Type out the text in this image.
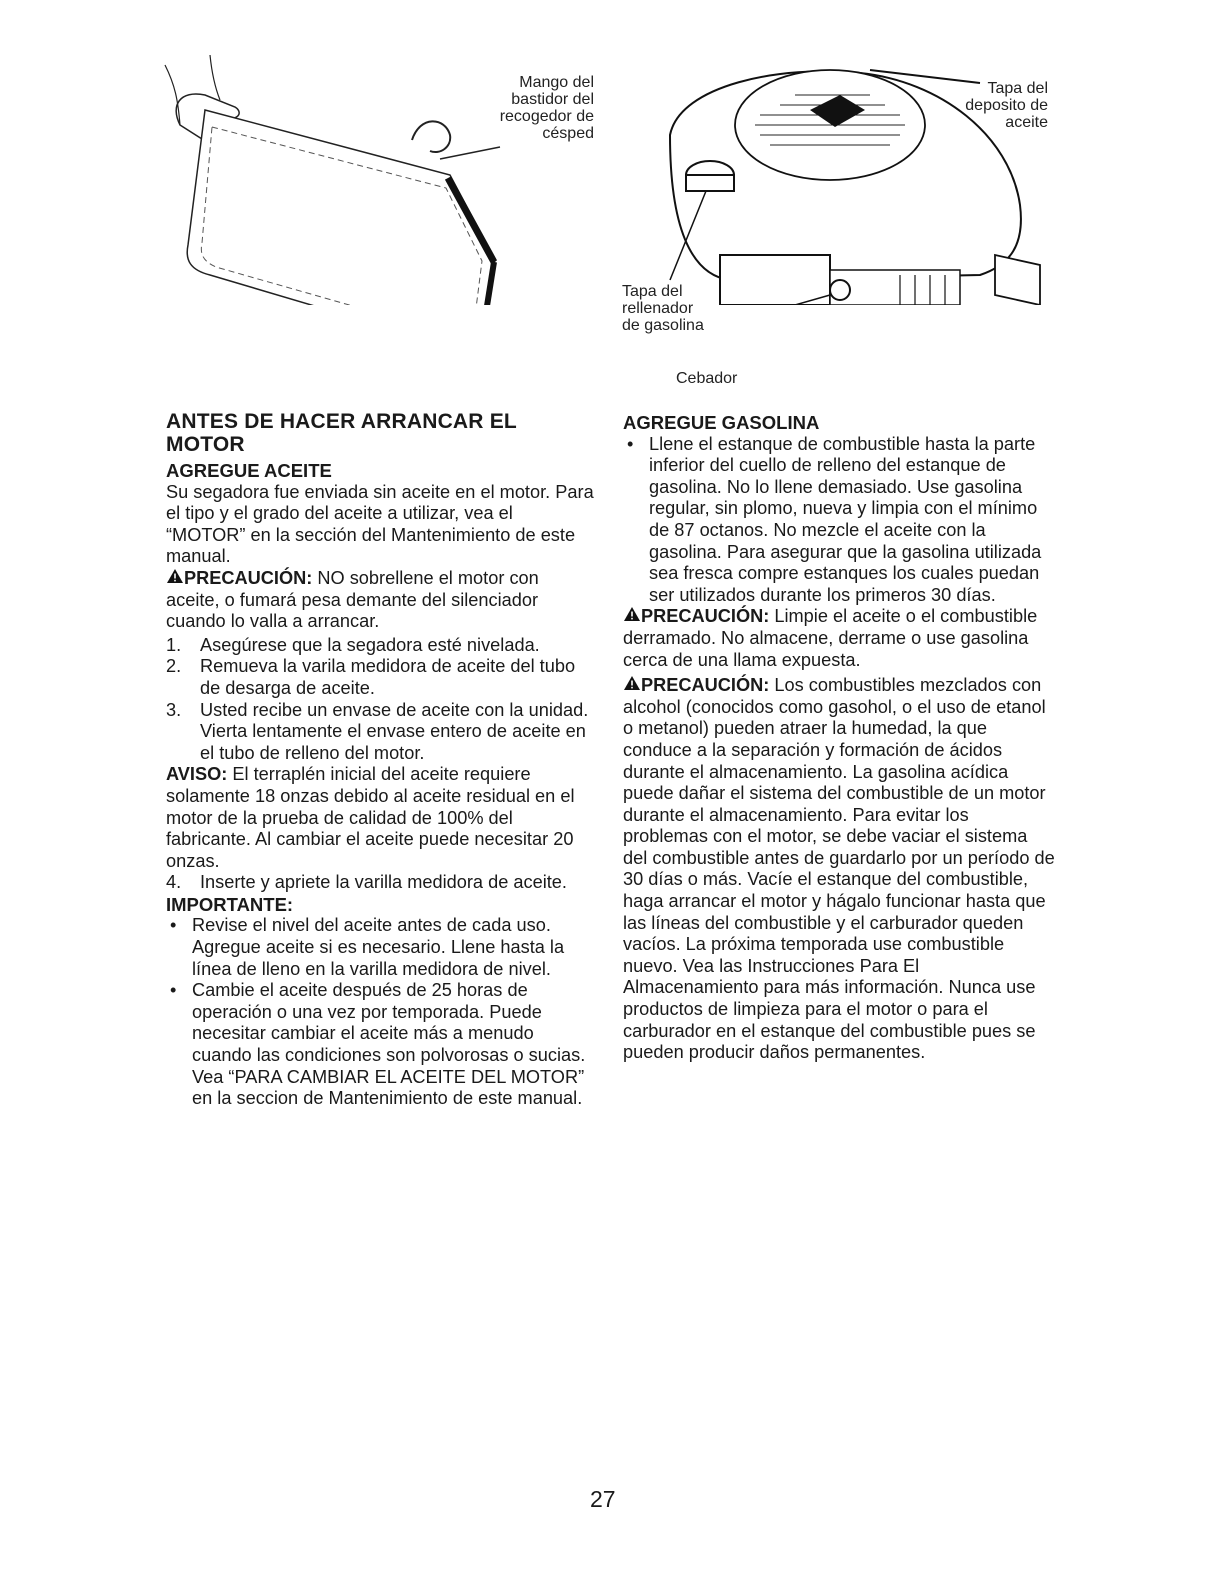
Mango del bastidor del recogedor de césped
Tapa del deposito de aceite
Tapa del rellenador de gasolina
Cebador
ANTES DE HACER ARRANCAR EL MOTOR
AGREGUE ACEITE

Su segadora fue enviada sin aceite en el motor. Para el tipo y el grado del aceite a utilizar, vea el “MOTOR” en la sección del Mantenimiento de este manual.

PRECAUCIÓN: NO sobrellene el motor con aceite, o fumará pesa demante del silenciador cuando lo valla a arrancar.

1. Asegúrese que la segadora esté nivelada.
2. Remueva la varila medidora de aceite del tubo de desarga de aceite.
3. Usted recibe un envase de aceite con la unidad. Vierta lentamente el envase entero de aceite en el tubo de relleno del motor.

AVISO: El terraplén inicial del aceite requiere solamente 18 onzas debido al aceite residual en el motor de la prueba de calidad de 100% del fabricante. Al cambiar el aceite puede necesitar 20 onzas.

4. Inserte y apriete la varilla medidora de aceite.
IMPORTANTE:
• Revise el nivel del aceite antes de cada uso. Agregue aceite si es necesario. Llene hasta la línea de lleno en la varilla medidora de nivel.
• Cambie el aceite después de 25 horas de operación o una vez por temporada. Puede necesitar cambiar el aceite más a menudo cuando las condiciones son polvorosas o sucias. Vea “PARA CAMBIAR EL ACEITE DEL MOTOR” en la seccion de Mantenimiento de este manual.
AGREGUE GASOLINA
• Llene el estanque de combustible hasta la parte inferior del cuello de relleno del estanque de gasolina. No lo llene demasiado. Use gasolina regular, sin plomo, nueva y limpia con el mínimo de 87 octanos. No mezcle el aceite con la gasolina. Para asegurar que la gasolina utilizada sea fresca compre estanques los cuales puedan ser utilizados durante los primeros 30 días.

PRECAUCIÓN: Limpie el aceite o el combustible derramado. No almacene, derrame o use gasolina cerca de una llama expuesta.

PRECAUCIÓN: Los combustibles mezclados con alcohol (conocidos como gasohol, o el uso de etanol o metanol) pueden atraer la humedad, la que conduce a la separación y formación de ácidos durante el almacenamiento. La gasolina acídica puede dañar el sistema del combustible de un motor durante el almacenamiento. Para evitar los problemas con el motor, se debe vaciar el sistema del combustible antes de guardarlo por un período de 30 días o más. Vacíe el estanque del combustible, haga arrancar el motor y hágalo funcionar hasta que las líneas del combustible y el carburador queden vacíos. La próxima temporada use combustible nuevo. Vea las Instrucciones Para El Almacenamiento para más información. Nunca use productos de limpieza para el motor o para el carburador en el estanque del combustible pues se pueden producir daños permanentes.

27
